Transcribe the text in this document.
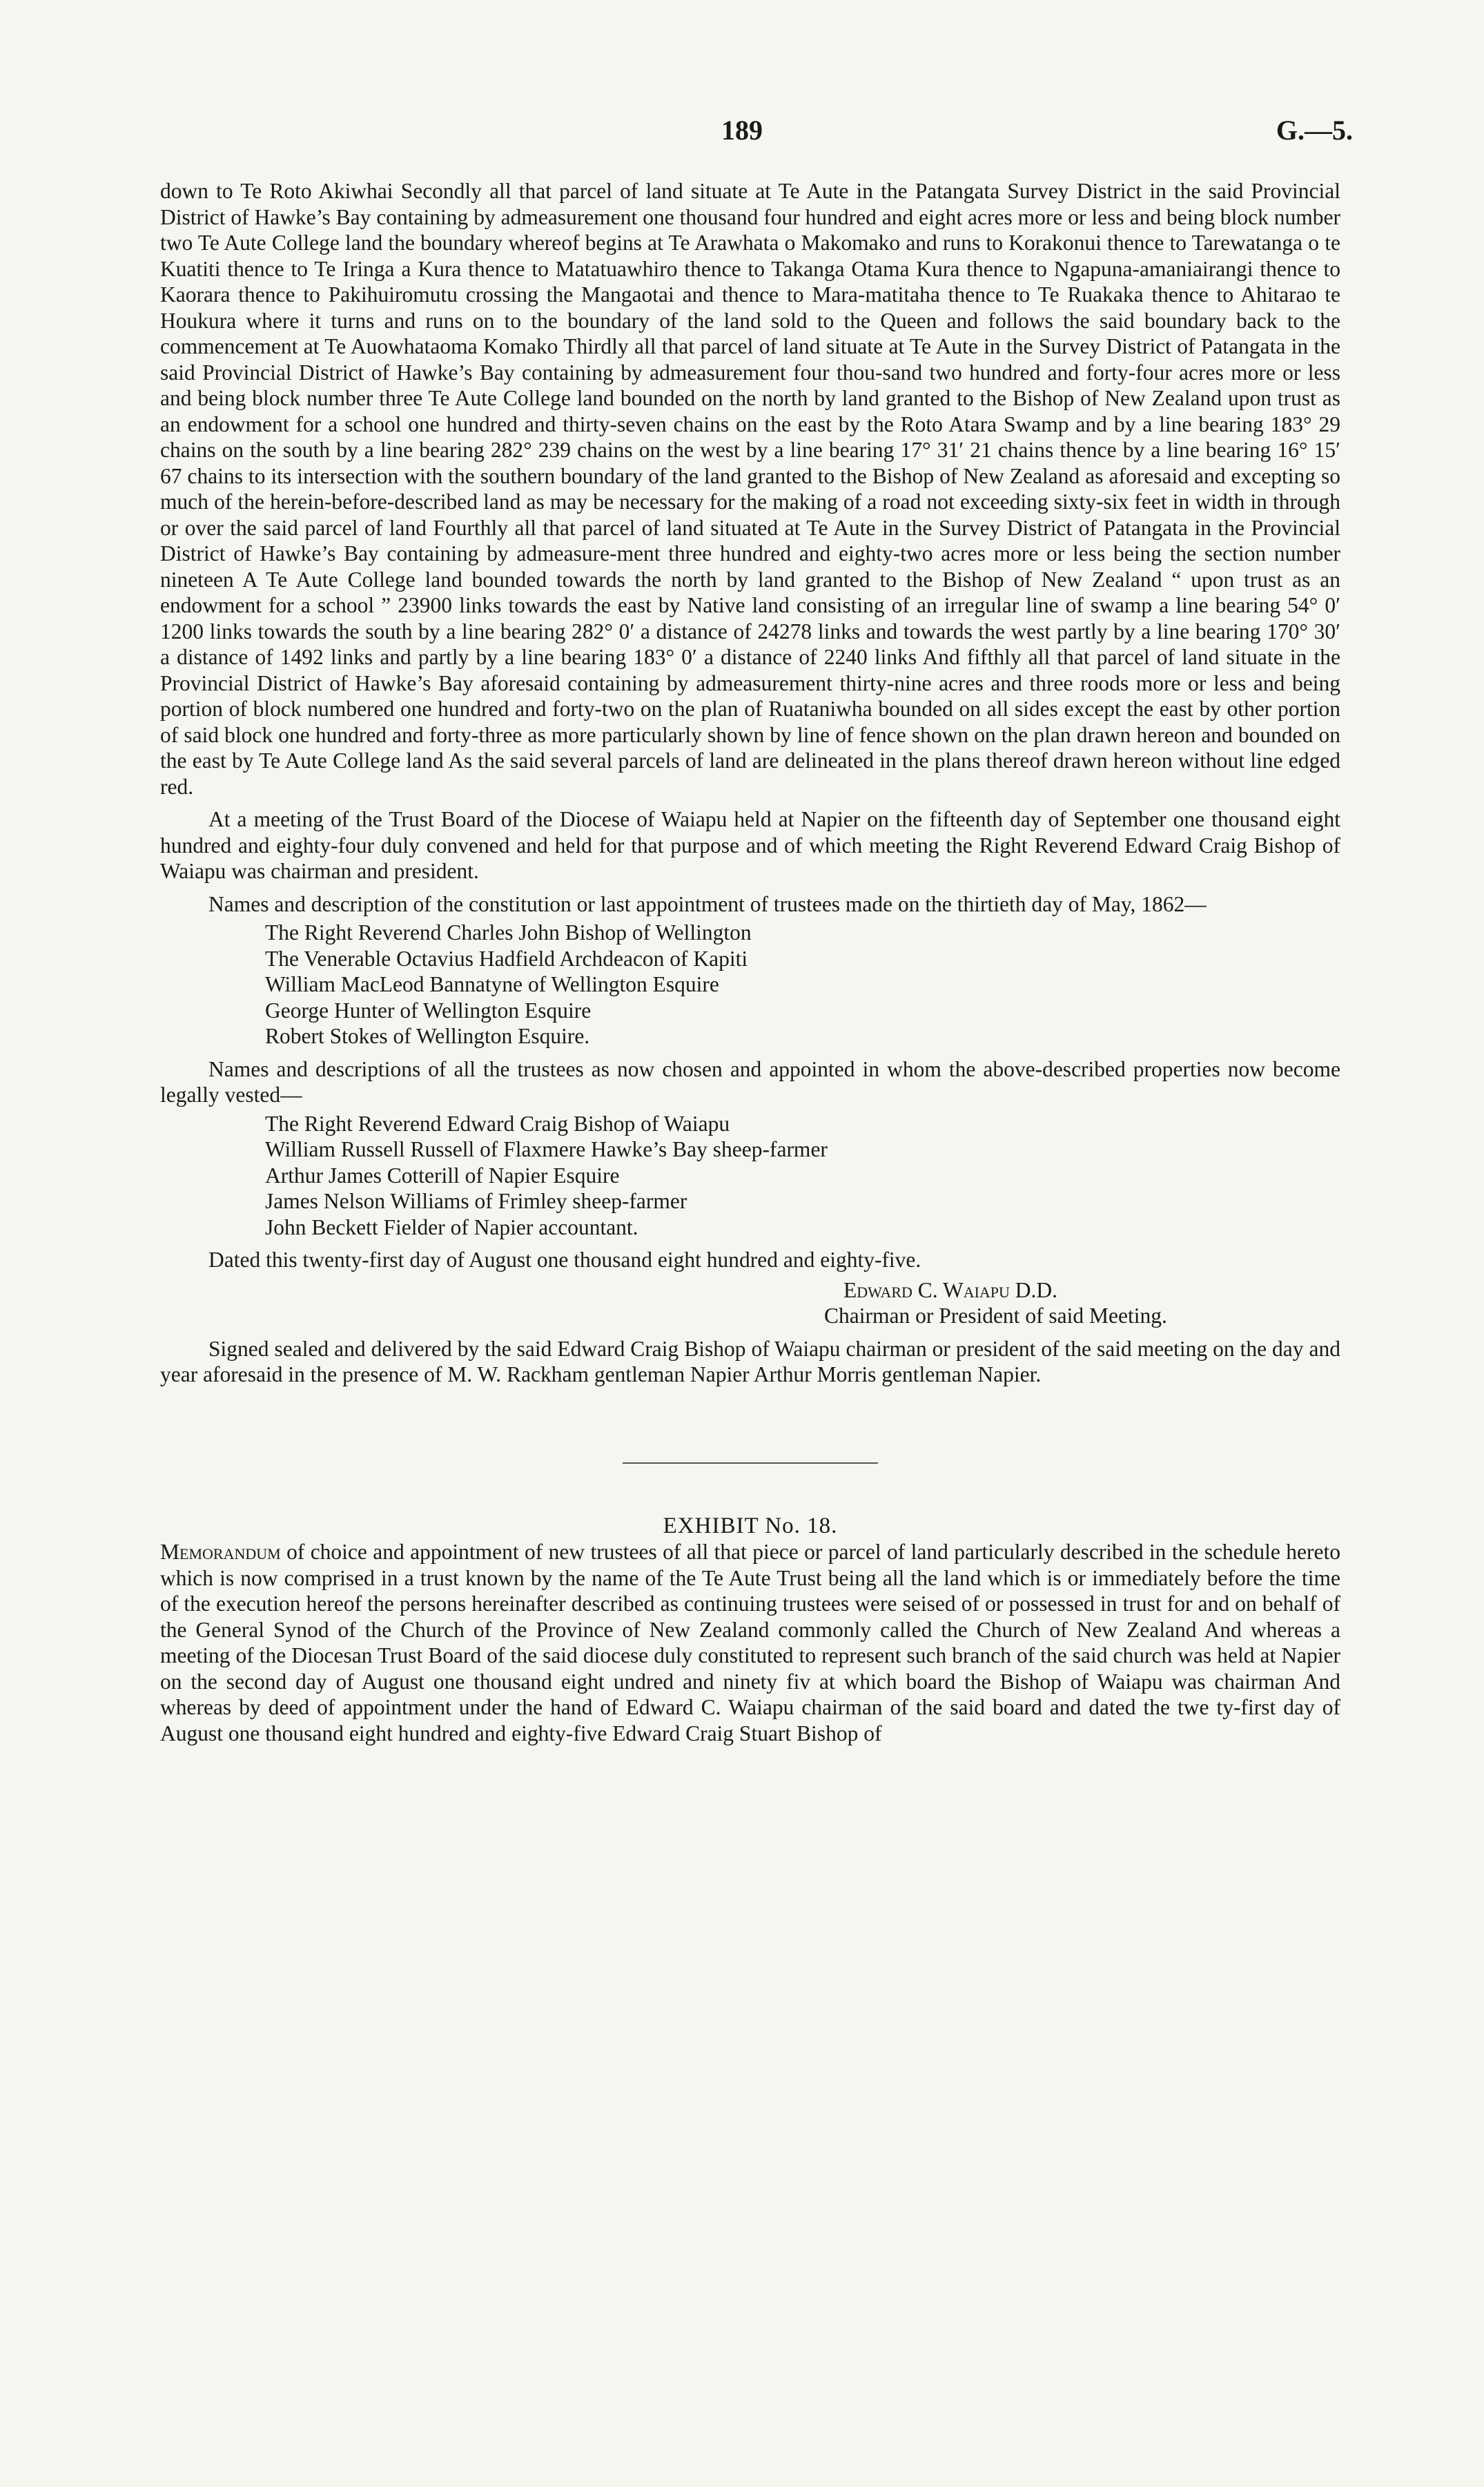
189	G.—5.

down to Te Roto Akiwhai Secondly all that parcel of land situate at Te Aute in the Patangata Survey District in the said Provincial District of Hawke’s Bay containing by admeasurement one thousand four hundred and eight acres more or less and being block number two Te Aute College land the boundary whereof begins at Te Arawhata o Makomako and runs to Korakonui thence to Tarewatanga o te Kuatiti thence to Te Iringa a Kura thence to Matatuawhiro thence to Takanga Otama Kura thence to Ngapuna-amaniairangi thence to Kaorara thence to Pakihuiromutu crossing the Mangaotai and thence to Mara-matitaha thence to Te Ruakaka thence to Ahitarao te Houkura where it turns and runs on to the boundary of the land sold to the Queen and follows the said boundary back to the commencement at Te Auowhataoma Komako Thirdly all that parcel of land situate at Te Aute in the Survey District of Patangata in the said Provincial District of Hawke’s Bay containing by admeasurement four thou-sand two hundred and forty-four acres more or less and being block number three Te Aute College land bounded on the north by land granted to the Bishop of New Zealand upon trust as an endowment for a school one hundred and thirty-seven chains on the east by the Roto Atara Swamp and by a line bearing 183° 29 chains on the south by a line bearing 282° 239 chains on the west by a line bearing 17° 31′ 21 chains thence by a line bearing 16° 15′ 67 chains to its intersection with the southern boundary of the land granted to the Bishop of New Zealand as aforesaid and excepting so much of the herein-before-described land as may be necessary for the making of a road not exceeding sixty-six feet in width in through or over the said parcel of land Fourthly all that parcel of land situated at Te Aute in the Survey District of Patangata in the Provincial District of Hawke’s Bay containing by admeasure-ment three hundred and eighty-two acres more or less being the section number nineteen A Te Aute College land bounded towards the north by land granted to the Bishop of New Zealand “ upon trust as an endowment for a school ” 23900 links towards the east by Native land consisting of an irregular line of swamp a line bearing 54° 0′ 1200 links towards the south by a line bearing 282° 0′ a distance of 24278 links and towards the west partly by a line bearing 170° 30′ a distance of 1492 links and partly by a line bearing 183° 0′ a distance of 2240 links And fifthly all that parcel of land situate in the Provincial District of Hawke’s Bay aforesaid containing by admeasurement thirty-nine acres and three roods more or less and being portion of block numbered one hundred and forty-two on the plan of Ruataniwha bounded on all sides except the east by other portion of said block one hundred and forty-three as more particularly shown by line of fence shown on the plan drawn hereon and bounded on the east by Te Aute College land As the said several parcels of land are delineated in the plans thereof drawn hereon without line edged red.

At a meeting of the Trust Board of the Diocese of Waiapu held at Napier on the fifteenth day of September one thousand eight hundred and eighty-four duly convened and held for that purpose and of which meeting the Right Reverend Edward Craig Bishop of Waiapu was chairman and president.

Names and description of the constitution or last appointment of trustees made on the thirtieth day of May, 1862—

The Right Reverend Charles John Bishop of Wellington
The Venerable Octavius Hadfield Archdeacon of Kapiti
William MacLeod Bannatyne of Wellington Esquire
George Hunter of Wellington Esquire
Robert Stokes of Wellington Esquire.

Names and descriptions of all the trustees as now chosen and appointed in whom the above-described properties now become legally vested—

The Right Reverend Edward Craig Bishop of Waiapu
William Russell Russell of Flaxmere Hawke’s Bay sheep-farmer
Arthur James Cotterill of Napier Esquire
James Nelson Williams of Frimley sheep-farmer
John Beckett Fielder of Napier accountant.

Dated this twenty-first day of August one thousand eight hundred and eighty-five.

Edward C. Waiapu D.D.
Chairman or President of said Meeting.

Signed sealed and delivered by the said Edward Craig Bishop of Waiapu chairman or president of the said meeting on the day and year aforesaid in the presence of M. W. Rackham gentleman Napier Arthur Morris gentleman Napier.

EXHIBIT No. 18.

Memorandum of choice and appointment of new trustees of all that piece or parcel of land particularly described in the schedule hereto which is now comprised in a trust known by the name of the Te Aute Trust being all the land which is or immediately before the time of the execution hereof the persons hereinafter described as continuing trustees were seised of or possessed in trust for and on behalf of the General Synod of the Church of the Province of New Zealand commonly called the Church of New Zealand And whereas a meeting of the Diocesan Trust Board of the said diocese duly constituted to represent such branch of the said church was held at Napier on the second day of August one thousand eight undred and ninety fiv at which board the Bishop of Waiapu was chairman And whereas by deed of appointment under the hand of Edward C. Waiapu chairman of the said board and dated the twe ty-first day of August one thousand eight hundred and eighty-five Edward Craig Stuart Bishop of
